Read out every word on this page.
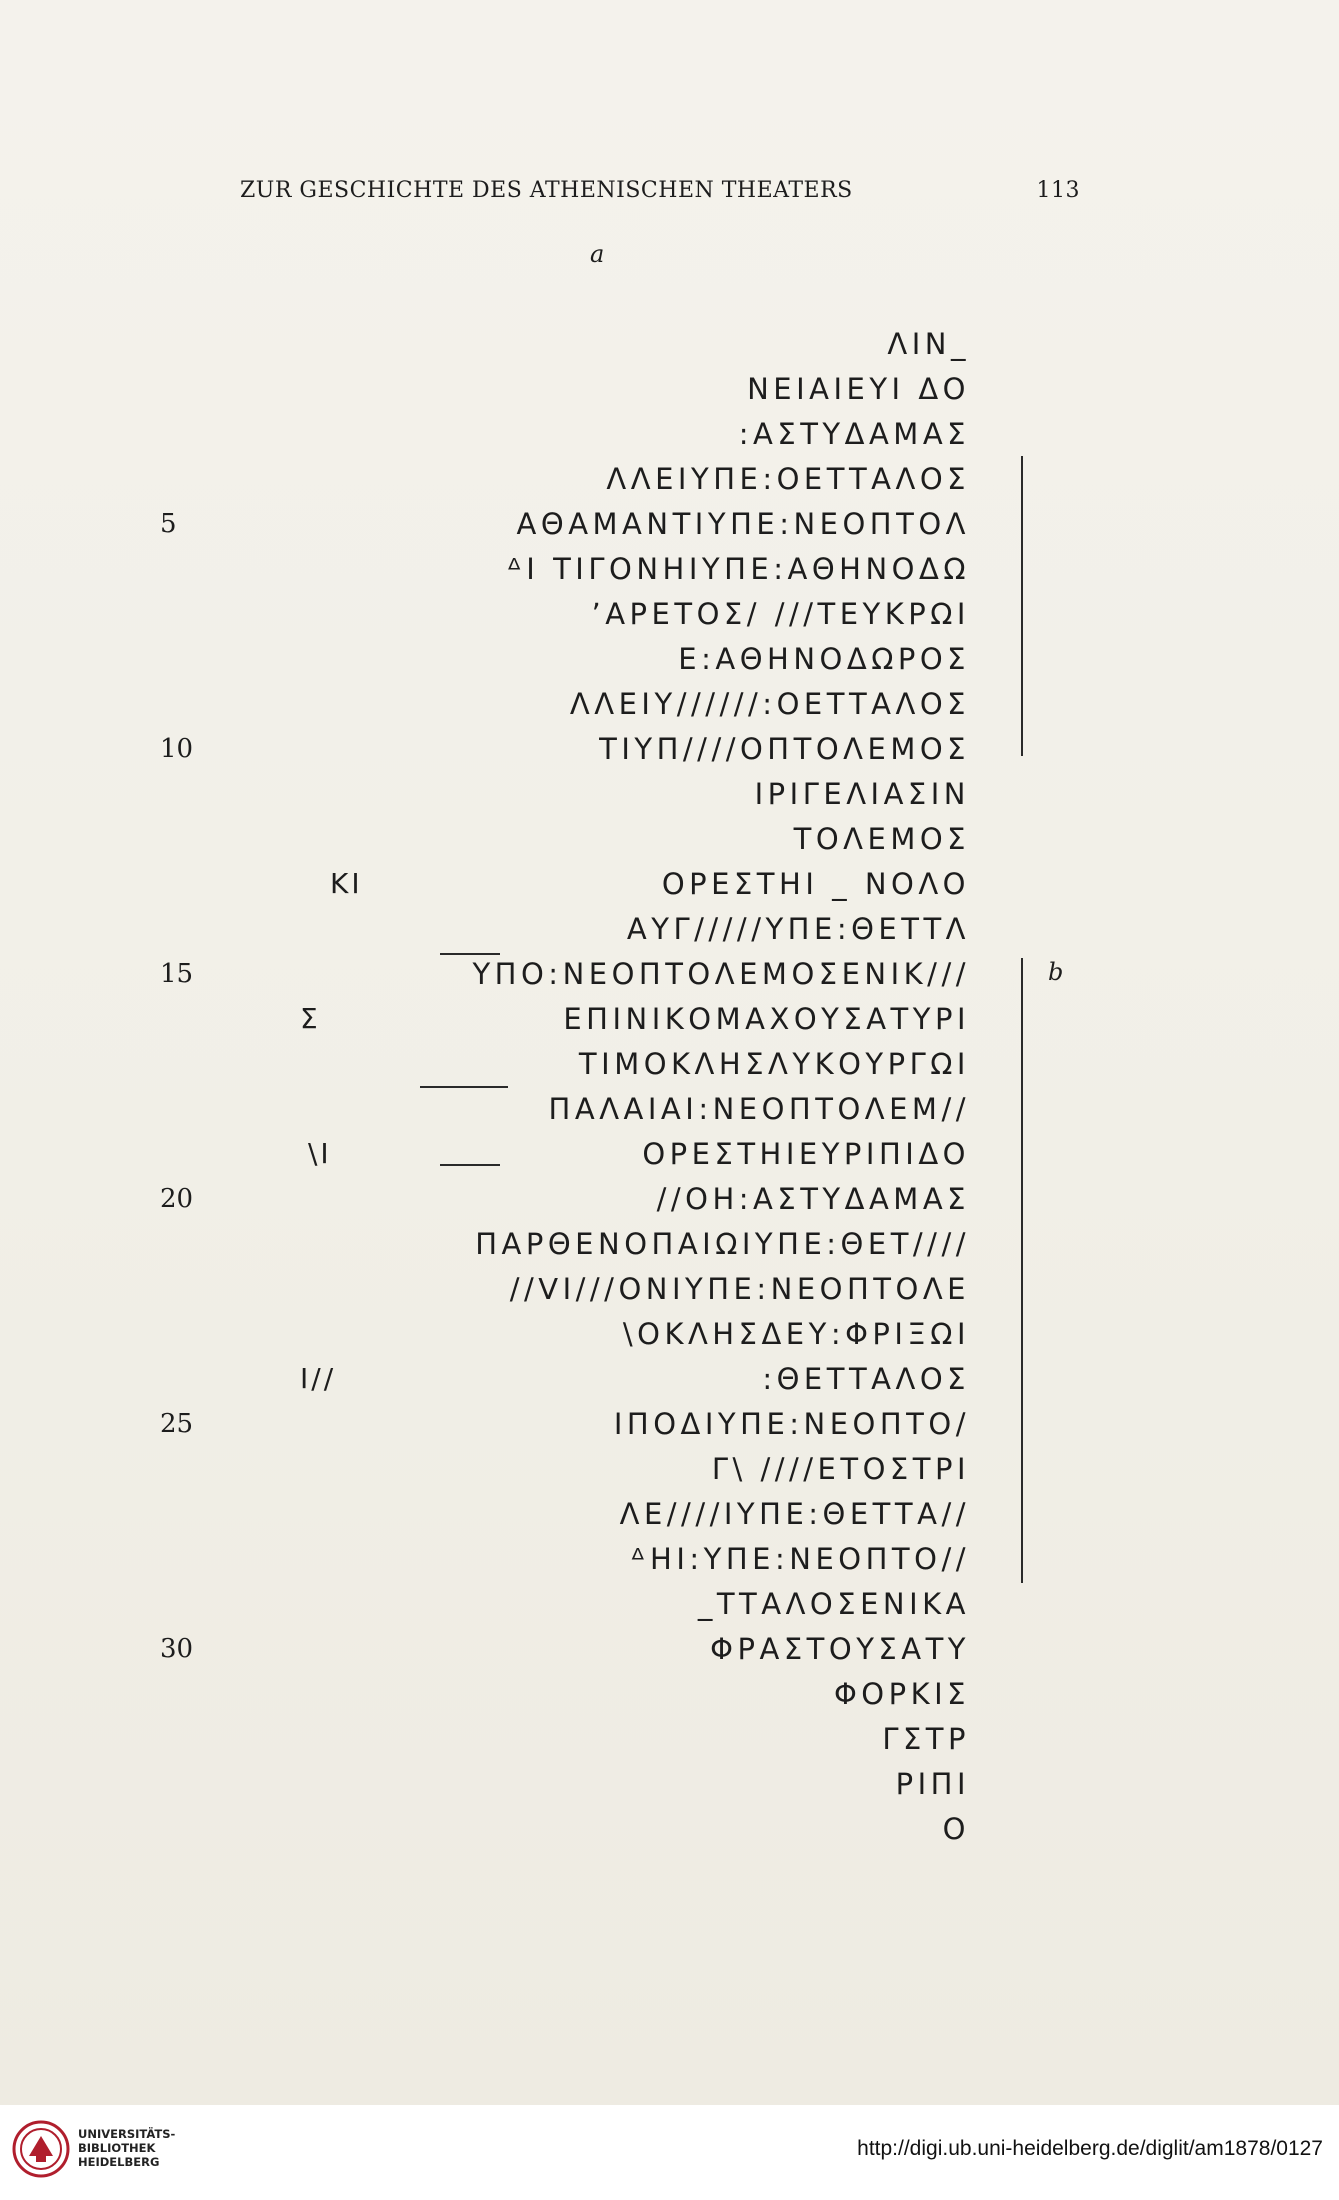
ZUR GESCHICHTE DES ATHENISCHEN THEATERS	113
a
b
ΛΙΝ_
ΝΕΙΑΙΕΥΙ ΔΟ
:ΑΣΤΥΔΑΜΑΣ
ΛΛΕΙΥΠΕ:ΟΕΤΤΑΛΟΣ
ΑΘΑΜΑΝΤΙΥΠΕ:ΝΕΟΠΤΟΛ
5
ᐞΙ ΤΙΓΟΝΗΙΥΠΕ:ΑΘΗΝΟΔΩ
ʼΑΡΕΤΟΣ/ ///ΤΕΥΚΡΩΙ
Ε:ΑΘΗΝΟΔΩΡΟΣ
ΛΛΕΙΥ//////:ΟΕΤΤΑΛΟΣ
ΤΙΥΠ////ΟΠΤΟΛΕΜΟΣ
10
ΙΡΙΓΕΛΙΑΣΙΝ
ΤΟΛΕΜΟΣ
ΟΡΕΣΤΗΙ _ ΝΟΛΟ
ΚΙ
ΑΥΓ/////ΥΠΕ:ΘΕΤΤΛ
ΥΠΟ:ΝΕΟΠΤΟΛΕΜΟΣΕΝΙΚ///
15
ΕΠΙΝΙΚΟΜΑΧΟΥΣΑΤΥΡΙ
Σ
ΤΙΜΟΚΛΗΣΛΥΚΟΥΡΓΩΙ
ΠΑΛΑΙΑΙ:ΝΕΟΠΤΟΛΕΜ//
ΟΡΕΣΤΗΙΕΥΡΙΠΙΔΟ
\Ι
//ΟΗ:ΑΣΤΥΔΑΜΑΣ
20
ΠΑΡΘΕΝΟΠΑΙΩΙΥΠΕ:ΘΕΤ////
//ᐯΙ///ΟΝΙΥΠΕ:ΝΕΟΠΤΟΛΕ
\ΟΚΛΗΣΔΕΥ:ΦΡΙΞΩΙ
:ΘΕΤΤΑΛΟΣ
Ι//
ΙΠΟΔΙΥΠΕ:ΝΕΟΠΤΟ/
25
Γ\ ////ΕΤΟΣΤΡΙ
ΛΕ////ΙΥΠΕ:ΘΕΤΤΑ//
ᐞΗΙ:ΥΠΕ:ΝΕΟΠΤΟ//
_ΤΤΑΛΟΣΕΝΙΚΑ
ΦΡΑΣΤΟΥΣΑΤΥ
30
ΦΟΡΚΙΣ
ΓΣΤΡ
ΡΙΠΙ
Ο
UNIVERSITÄTS-
BIBLIOTHEK
HEIDELBERG
http://digi.ub.uni-heidelberg.de/diglit/am1878/0127
